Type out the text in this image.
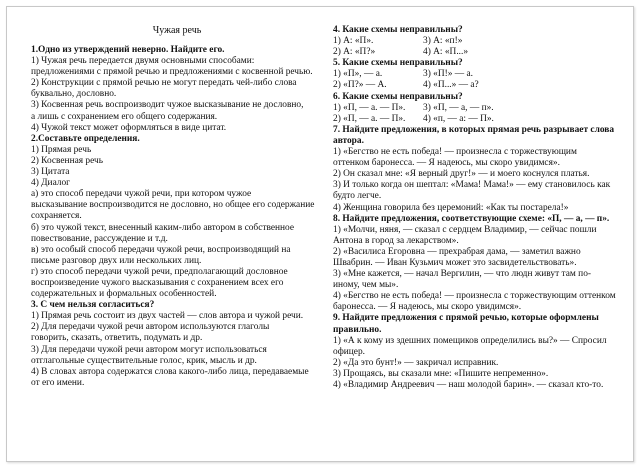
Чужая речь
1.Одно из утверждений неверно. Найдите его.
1) Чужая речь передается двумя основными способами:
предложениями с прямой речью и предложениями с косвенной речью.
2) Конструкции с прямой речью не могут передать чей-либо слова
буквально, дословно.
3) Косвенная речь воспроизводит чужое высказывание не дословно,
а лишь с сохранением его общего содержания.
4) Чужой текст может оформляться в виде цитат.
2.Составьте определения.
1) Прямая речь
2) Косвенная речь
3) Цитата
4) Диалог
а) это способ передачи чужой речи, при котором чужое
высказывание воспроизводится не дословно, но общее его содержание
сохраняется.
б) это чужой текст, внесенный каким-либо автором в собственное
повествование, рассуждение и т.д.
в) это особый способ передачи чужой речи, воспроизводящий на
письме разговор двух или нескольких лиц.
г) это способ передачи чужой речи, предполагающий дословное
воспроизведение чужого высказывания с сохранением всех его
содержательных и формальных особенностей.
3. С чем нельзя согласиться?
1) Прямая речь состоит из двух частей — слов автора и чужой речи.
2) Для передачи чужой речи автором используются глаголы
говорить, сказать, ответить, подумать и др.
3) Для передачи чужой речи автором могут использоваться
отглагольные существительные голос, крик, мысль и др.
4) В словах автора содержатся слова какого-либо лица, передаваемые
от его имени.
4. Какие схемы неправильны?
1) А: «П».	3) А: «п!»
2) А: «П?»	4) А: «П...»
5. Какие схемы неправильны?
1) «П», — а.	3) «П!» — а.
2) «П?» — А.	4) «П...» — а?
6. Какие схемы неправильны?
1) «П, — а. — П».	3) «П, — а, — п».
2) «П, — а. — П».	4) «п, — а: — П».
7. Найдите предложения, в которых прямая речь разрывает слова
автора.
1) «Бегство не есть победа! — произнесла с торжествующим
оттенком баронесса. — Я надеюсь, мы скоро увидимся».
2) Он сказал мне: «Я верный друг!» — и моего коснулся платья.
3) И только когда он шептал: «Мама! Мама!» — ему становилось как
будто легче.
4) Женщина говорила без церемоний: «Как ты постарела!»
8. Найдите предложения, соответствующие схеме: «П, — а, — п».
1) «Молчи, няня, — сказал с сердцем Владимир, — сейчас пошли
Антона в город за лекарством».
2) «Василиса Егоровна — прехрабрая дама, — заметил важно
Швабрин. — Иван Кузьмич может это засвидетельствовать».
3) «Мне кажется, — начал Вергилин, — что людн живут там по-
иному, чем мы».
4) «Бегство не есть победа! — произнесла с торжествующим оттенком
баронесса. — Я надеюсь, мы скоро увидимся».
9. Найдите предложения с прямой речью, которые оформлены
правильно.
1) «А к кому из здешних помещиков определились вы?» — Спросил
офицер.
2) «Да это бунт!» — закричал исправник.
3) Прощаясь, вы сказали мне: «Пишите непременно».
4) «Владимир Андреевич — наш молодой барин». — сказал кто-то.
